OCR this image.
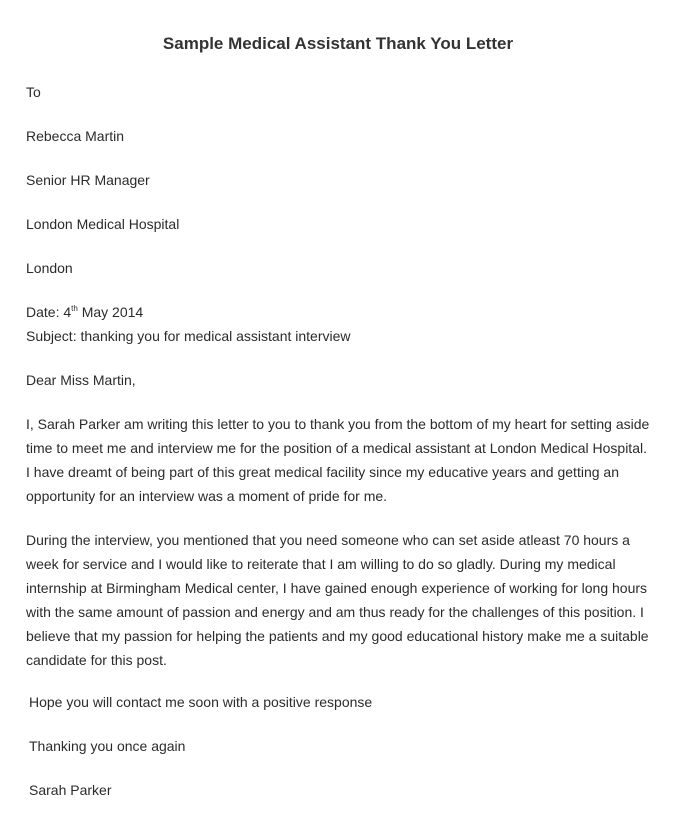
Sample Medical Assistant Thank You Letter

To

Rebecca Martin

Senior HR Manager

London Medical Hospital

London

Date: 4th May 2014

Subject: thanking you for medical assistant interview

Dear Miss Martin,

I, Sarah Parker am writing this letter to you to thank you from the bottom of my heart for setting aside
time to meet me and interview me for the position of a medical assistant at London Medical Hospital.
I have dreamt of being part of this great medical facility since my educative years and getting an
opportunity for an interview was a moment of pride for me.
During the interview, you mentioned that you need someone who can set aside atleast 70 hours a
week for service and I would like to reiterate that I am willing to do so gladly. During my medical
internship at Birmingham Medical center, I have gained enough experience of working for long hours
with the same amount of passion and energy and am thus ready for the challenges of this position. I
believe that my passion for helping the patients and my good educational history make me a suitable
candidate for this post.

Hope you will contact me soon with a positive response

Thanking you once again

Sarah Parker
